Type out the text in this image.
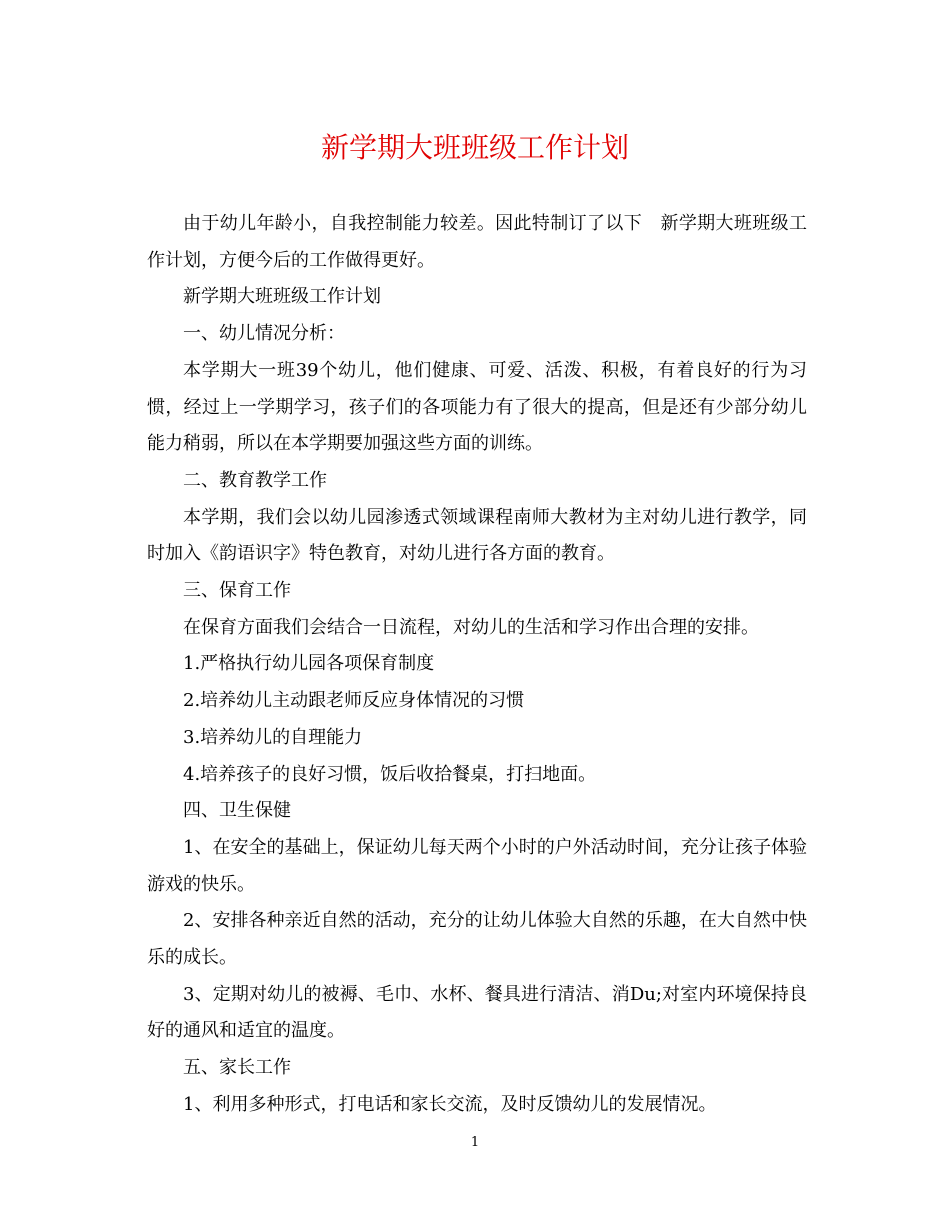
新学期大班班级工作计划

由于幼儿年龄小，自我控制能力较差。因此特制订了以下　新学期大班班级工作计划，方便今后的工作做得更好。

新学期大班班级工作计划

一、幼儿情况分析：

本学期大一班39个幼儿，他们健康、可爱、活泼、积极，有着良好的行为习惯，经过上一学期学习，孩子们的各项能力有了很大的提高，但是还有少部分幼儿能力稍弱，所以在本学期要加强这些方面的训练。

二、教育教学工作

本学期，我们会以幼儿园渗透式领域课程南师大教材为主对幼儿进行教学，同时加入《韵语识字》特色教育，对幼儿进行各方面的教育。

三、保育工作

在保育方面我们会结合一日流程，对幼儿的生活和学习作出合理的安排。

1.严格执行幼儿园各项保育制度

2.培养幼儿主动跟老师反应身体情况的习惯

3.培养幼儿的自理能力

4.培养孩子的良好习惯，饭后收拾餐桌，打扫地面。

四、卫生保健

1、在安全的基础上，保证幼儿每天两个小时的户外活动时间，充分让孩子体验游戏的快乐。

2、安排各种亲近自然的活动，充分的让幼儿体验大自然的乐趣，在大自然中快乐的成长。

3、定期对幼儿的被褥、毛巾、水杯、餐具进行清洁、消Du;对室内环境保持良好的通风和适宜的温度。

五、家长工作

1、利用多种形式，打电话和家长交流，及时反馈幼儿的发展情况。

1
